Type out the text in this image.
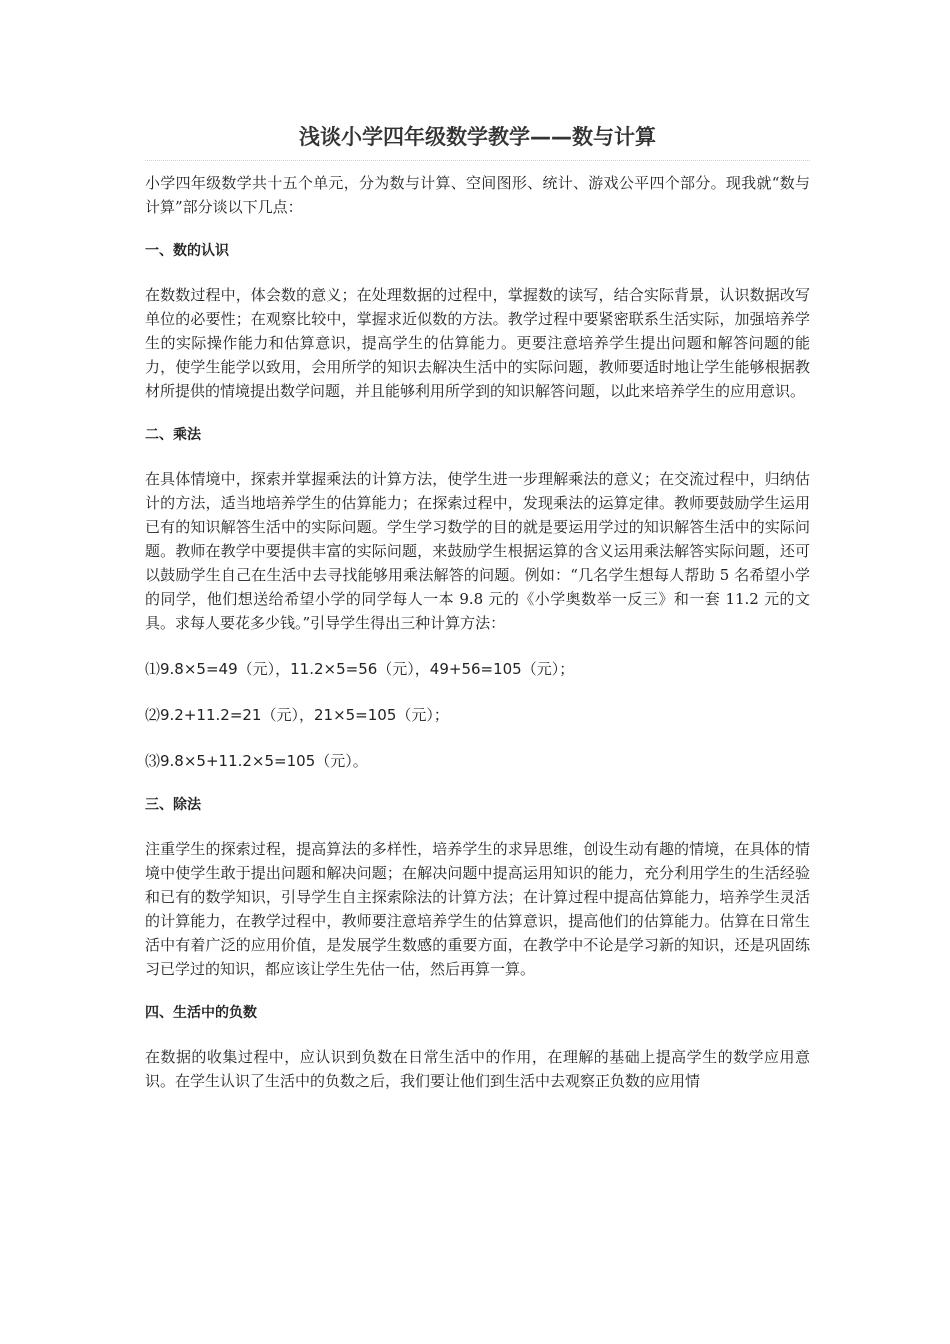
浅谈小学四年级数学教学——数与计算

小学四年级数学共十五个单元，分为数与计算、空间图形、统计、游戏公平四个部分。现我就“数与计算”部分谈以下几点：

一、数的认识

在数数过程中，体会数的意义；在处理数据的过程中，掌握数的读写，结合实际背景，认识数据改写单位的必要性；在观察比较中，掌握求近似数的方法。教学过程中要紧密联系生活实际，加强培养学生的实际操作能力和估算意识，提高学生的估算能力。更要注意培养学生提出问题和解答问题的能力，使学生能学以致用，会用所学的知识去解决生活中的实际问题，教师要适时地让学生能够根据教材所提供的情境提出数学问题，并且能够利用所学到的知识解答问题，以此来培养学生的应用意识。

二、乘法

在具体情境中，探索并掌握乘法的计算方法，使学生进一步理解乘法的意义；在交流过程中，归纳估计的方法，适当地培养学生的估算能力；在探索过程中，发现乘法的运算定律。教师要鼓励学生运用已有的知识解答生活中的实际问题。学生学习数学的目的就是要运用学过的知识解答生活中的实际问题。教师在教学中要提供丰富的实际问题，来鼓励学生根据运算的含义运用乘法解答实际问题，还可以鼓励学生自己在生活中去寻找能够用乘法解答的问题。例如：“几名学生想每人帮助 5 名希望小学的同学，他们想送给希望小学的同学每人一本 9.8 元的《小学奥数举一反三》和一套 11.2 元的文具。求每人要花多少钱。”引导学生得出三种计算方法：

⑴9.8×5=49（元），11.2×5=56（元），49+56=105（元）；
⑵9.2+11.2=21（元），21×5=105（元）；
⑶9.8×5+11.2×5=105（元）。
三、除法

注重学生的探索过程，提高算法的多样性，培养学生的求异思维，创设生动有趣的情境，在具体的情境中使学生敢于提出问题和解决问题；在解决问题中提高运用知识的能力，充分利用学生的生活经验和已有的数学知识，引导学生自主探索除法的计算方法；在计算过程中提高估算能力，培养学生灵活的计算能力，在教学过程中，教师要注意培养学生的估算意识，提高他们的估算能力。估算在日常生活中有着广泛的应用价值，是发展学生数感的重要方面，在教学中不论是学习新的知识，还是巩固练习已学过的知识，都应该让学生先估一估，然后再算一算。

四、生活中的负数

在数据的收集过程中，应认识到负数在日常生活中的作用，在理解的基础上提高学生的数学应用意识。在学生认识了生活中的负数之后，我们要让他们到生活中去观察正负数的应用情
